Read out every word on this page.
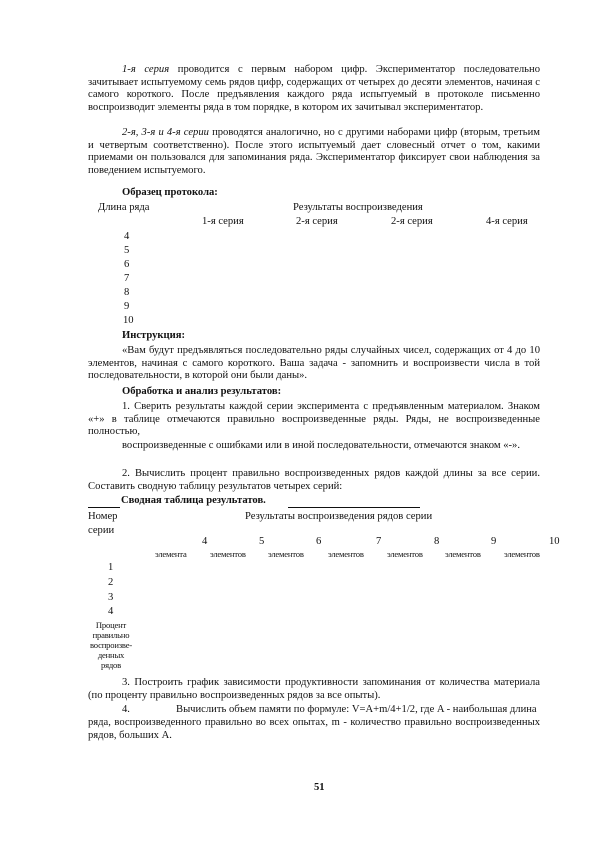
1-я серия проводится с первым набором цифр. Экспериментатор последовательно зачитывает испытуемому семь рядов цифр, содержащих от четырех до десяти элементов, начиная с самого короткого. После предъявления каждого ряда испытуемый в протоколе письменно воспроизводит элементы ряда в том порядке, в котором их зачитывал экспериментатор.
2-я, 3-я и 4-я серии проводятся аналогично, но с другими наборами цифр (вторым, третьим и четвертым соответственно). После этого испытуемый дает словесный отчет о том, какими приемами он пользовался для запоминания ряда. Экспериментатор фиксирует свои наблюдения за поведением испытуемого.
Образец протокола:
Длина ряда	Результаты воспроизведения
1-я серия	2-я серия	2-я серия	4-я серия
4
5
6
7
8
9
10
Инструкция:
«Вам будут предъявляться последовательно ряды случайных чисел, содержащих от 4 до 10 элементов, начиная с самого короткого. Ваша задача - запомнить и воспроизвести числа в той последовательности, в которой они были даны».
Обработка и анализ результатов:
1. Сверить результаты каждой серии эксперимента с предъявленным материалом. Знаком «+» в таблице отмечаются правильно воспроизведенные ряды. Ряды, не воспроизведенные полностью,
воспроизведенные с ошибками или в иной последовательности, отмечаются знаком «-».
2. Вычислить процент правильно воспроизведенных рядов каждой длины за все серии. Составить сводную таблицу результатов четырех серий:
Сводная таблица результатов.
Номер
серии
Результаты воспроизведения рядов серии
4	5	6	7	8	9	10
элемента	элементов	элементов	элементов	элементов	элементов	элементов
1
2
3
4
Процент
правильно
воспроизве-
денных
рядов
3. Построить график зависимости продуктивности запоминания от количества материала (по проценту правильно воспроизведенных рядов за все опыты).
4.	Вычислить объем памяти по формуле: V=A+m/4+1/2, где A - наибольшая длина
ряда, воспроизведенного правильно во всех опытах, m - количество правильно воспроизведенных рядов, больших A.
51
